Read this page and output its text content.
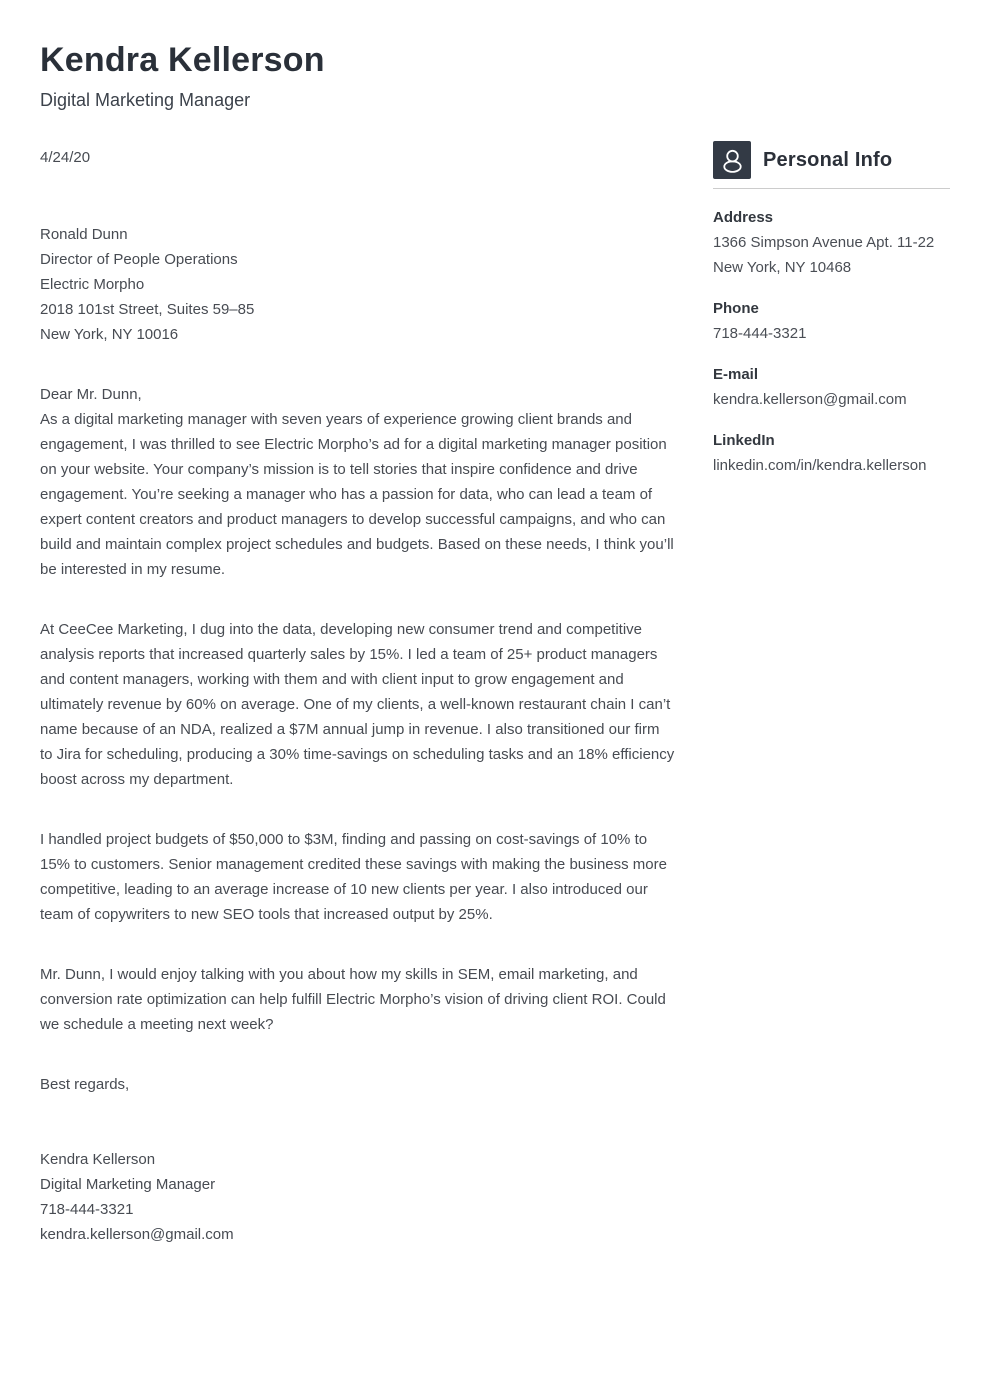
Kendra Kellerson
Digital Marketing Manager
4/24/20
Ronald Dunn
Director of People Operations
Electric Morpho
2018 101st Street, Suites 59–85
New York, NY 10016
Dear Mr. Dunn,
As a digital marketing manager with seven years of experience growing client brands and engagement, I was thrilled to see Electric Morpho’s ad for a digital marketing manager position on your website. Your company’s mission is to tell stories that inspire confidence and drive engagement. You’re seeking a manager who has a passion for data, who can lead a team of expert content creators and product managers to develop successful campaigns, and who can build and maintain complex project schedules and budgets. Based on these needs, I think you’ll be interested in my resume.
At CeeCee Marketing, I dug into the data, developing new consumer trend and competitive analysis reports that increased quarterly sales by 15%. I led a team of 25+ product managers and content managers, working with them and with client input to grow engagement and ultimately revenue by 60% on average. One of my clients, a well-known restaurant chain I can’t name because of an NDA, realized a $7M annual jump in revenue. I also transitioned our firm to Jira for scheduling, producing a 30% time-savings on scheduling tasks and an 18% efficiency boost across my department.
I handled project budgets of $50,000 to $3M, finding and passing on cost-savings of 10% to 15% to customers. Senior management credited these savings with making the business more competitive, leading to an average increase of 10 new clients per year. I also introduced our team of copywriters to new SEO tools that increased output by 25%.
Mr. Dunn, I would enjoy talking with you about how my skills in SEM, email marketing, and conversion rate optimization can help fulfill Electric Morpho’s vision of driving client ROI. Could we schedule a meeting next week?
Best regards,
Kendra Kellerson
Digital Marketing Manager
718-444-3321
kendra.kellerson@gmail.com
Personal Info
Address
1366 Simpson Avenue Apt. 11-22
New York, NY 10468
Phone
718-444-3321
E-mail
kendra.kellerson@gmail.com
LinkedIn
linkedin.com/in/kendra.kellerson
